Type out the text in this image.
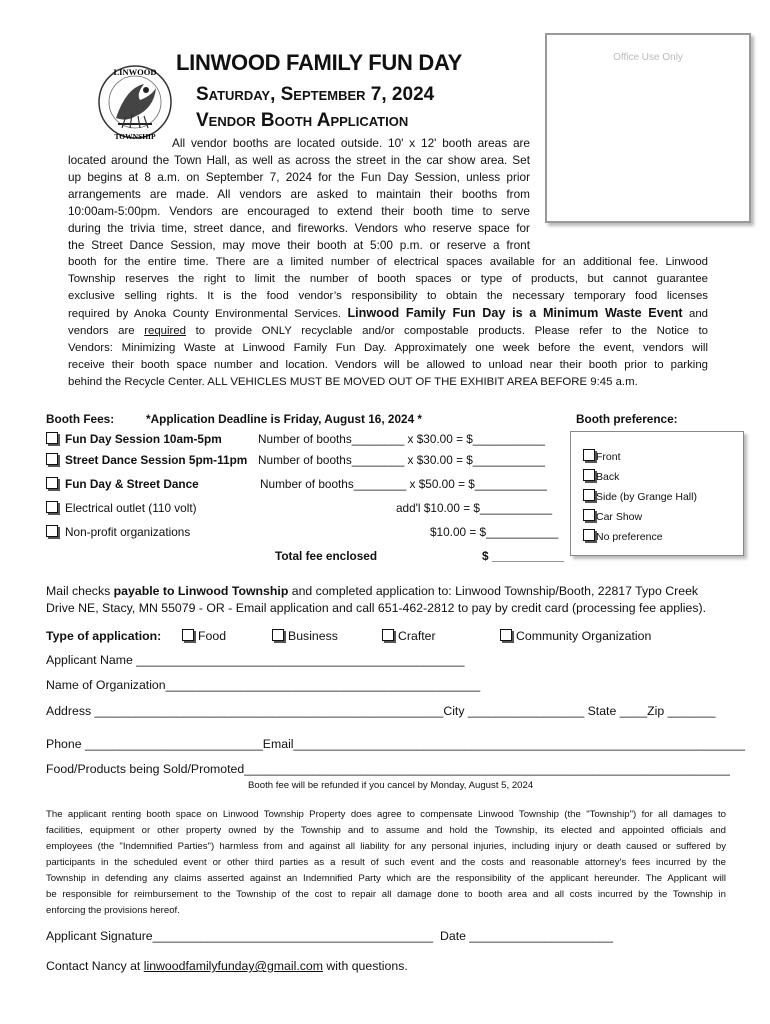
LINWOOD
TOWNSHIP
LINWOOD FAMILY FUN DAY
Saturday, September 7, 2024
Vendor Booth Application
Office Use Only
All vendor booths are located outside. 10' x 12' booth areas are
located around the Town Hall, as well as across the street in the car show area. Set
up begins at 8 a.m. on September 7, 2024 for the Fun Day Session, unless prior
arrangements are made. All vendors are asked to maintain their booths from
10:00am-5:00pm. Vendors are encouraged to extend their booth time to serve
during the trivia time, street dance, and fireworks. Vendors who reserve space for
the Street Dance Session, may move their booth at 5:00 p.m. or reserve a front
booth for the entire time. There are a limited number of electrical spaces available for an additional fee. Linwood
Township reserves the right to limit the number of booth spaces or type of products, but cannot guarantee
exclusive selling rights. It is the food vendor’s responsibility to obtain the necessary temporary food licenses
required by Anoka County Environmental Services. Linwood Family Fun Day is a Minimum Waste Event and
vendors are required to provide ONLY recyclable and/or compostable products. Please refer to the Notice to
Vendors: Minimizing Waste at Linwood Family Fun Day. Approximately one week before the event, vendors will
receive their booth space number and location. Vendors will be allowed to unload near their booth prior to parking
behind the Recycle Center. ALL VEHICLES MUST BE MOVED OUT OF THE EXHIBIT AREA BEFORE 9:45 a.m.
Booth Fees:	*Application Deadline is Friday, August 16, 2024 *	Booth preference:
Fun Day Session 10am-5pm	Number of booths________ x $30.00 = $___________
Street Dance Session 5pm-11pm Number of booths________ x $30.00 = $___________
Fun Day & Street Dance	Number of booths________ x $50.00 = $___________
Electrical outlet (110 volt)	add'l $10.00 = $___________
Non-profit organizations	$10.00 = $___________
Total fee enclosed	$ ___________
Front
Back
Side (by Grange Hall)
Car Show
No preference
Mail checks payable to Linwood Township and completed application to: Linwood Township/Booth, 22817 Typo Creek
Drive NE, Stacy, MN 55079 - OR - Email application and call 651-462-2812 to pay by credit card (processing fee applies).
Type of application:	Food	Business	Crafter	Community Organization
Applicant Name ________________________________________________
Name of Organization______________________________________________
Address ___________________________________________________City _________________ State ____Zip _______
Phone __________________________Email__________________________________________________________________
Food/Products being Sold/Promoted_______________________________________________________________________
Booth fee will be refunded if you cancel by Monday, August 5, 2024
The applicant renting booth space on Linwood Township Property does agree to compensate Linwood Township (the "Township") for all damages to
facilities, equipment or other property owned by the Township and to assume and hold the Township, its elected and appointed officials and
employees (the "Indemnified Parties") harmless from and against all liability for any personal injuries, including injury or death caused or suffered by
participants in the scheduled event or other third parties as a result of such event and the costs and reasonable attorney's fees incurred by the
Township in defending any claims asserted against an Indemnified Party which are the responsibility of the applicant hereunder. The Applicant will
be responsible for reimbursement to the Township of the cost to repair all damage done to booth area and all costs incurred by the Township in
enforcing the provisions hereof.
Applicant Signature_________________________________________ Date _____________________
Contact Nancy at linwoodfamilyfunday@gmail.com with questions.
